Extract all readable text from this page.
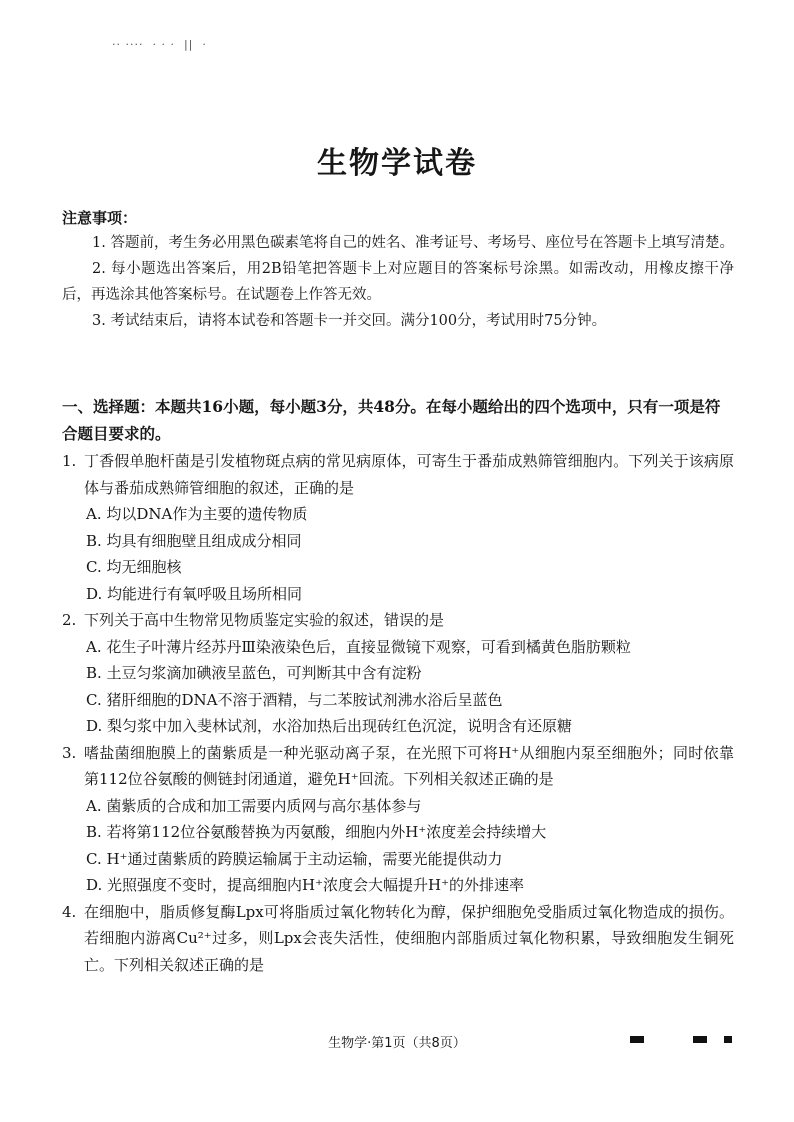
·· ····  · · ·  ||  ·
生物学试卷
注意事项：

1. 答题前，考生务必用黑色碳素笔将自己的姓名、准考证号、考场号、座位号在答题卡上填写清楚。

2. 每小题选出答案后，用2B铅笔把答题卡上对应题目的答案标号涂黑。如需改动，用橡皮擦干净后，再选涂其他答案标号。在试题卷上作答无效。

3. 考试结束后，请将本试卷和答题卡一并交回。满分100分，考试用时75分钟。

一、选择题：本题共16小题，每小题3分，共48分。在每小题给出的四个选项中，只有一项是符合题目要求的。
1. 丁香假单胞杆菌是引发植物斑点病的常见病原体，可寄生于番茄成熟筛管细胞内。下列关于该病原体与番茄成熟筛管细胞的叙述，正确的是
A. 均以DNA作为主要的遗传物质
B. 均具有细胞壁且组成成分相同
C. 均无细胞核
D. 均能进行有氧呼吸且场所相同
2. 下列关于高中生物常见物质鉴定实验的叙述，错误的是
A. 花生子叶薄片经苏丹Ⅲ染液染色后，直接显微镜下观察，可看到橘黄色脂肪颗粒
B. 土豆匀浆滴加碘液呈蓝色，可判断其中含有淀粉
C. 猪肝细胞的DNA不溶于酒精，与二苯胺试剂沸水浴后呈蓝色
D. 梨匀浆中加入斐林试剂，水浴加热后出现砖红色沉淀，说明含有还原糖
3. 嗜盐菌细胞膜上的菌紫质是一种光驱动离子泵，在光照下可将H⁺从细胞内泵至细胞外；同时依靠第112位谷氨酸的侧链封闭通道，避免H⁺回流。下列相关叙述正确的是
A. 菌紫质的合成和加工需要内质网与高尔基体参与
B. 若将第112位谷氨酸替换为丙氨酸，细胞内外H⁺浓度差会持续增大
C. H⁺通过菌紫质的跨膜运输属于主动运输，需要光能提供动力
D. 光照强度不变时，提高细胞内H⁺浓度会大幅提升H⁺的外排速率
4. 在细胞中，脂质修复酶Lpx可将脂质过氧化物转化为醇，保护细胞免受脂质过氧化物造成的损伤。若细胞内游离Cu²⁺过多，则Lpx会丧失活性，使细胞内部脂质过氧化物积累，导致细胞发生铜死亡。下列相关叙述正确的是
生物学·第1页（共8页）
